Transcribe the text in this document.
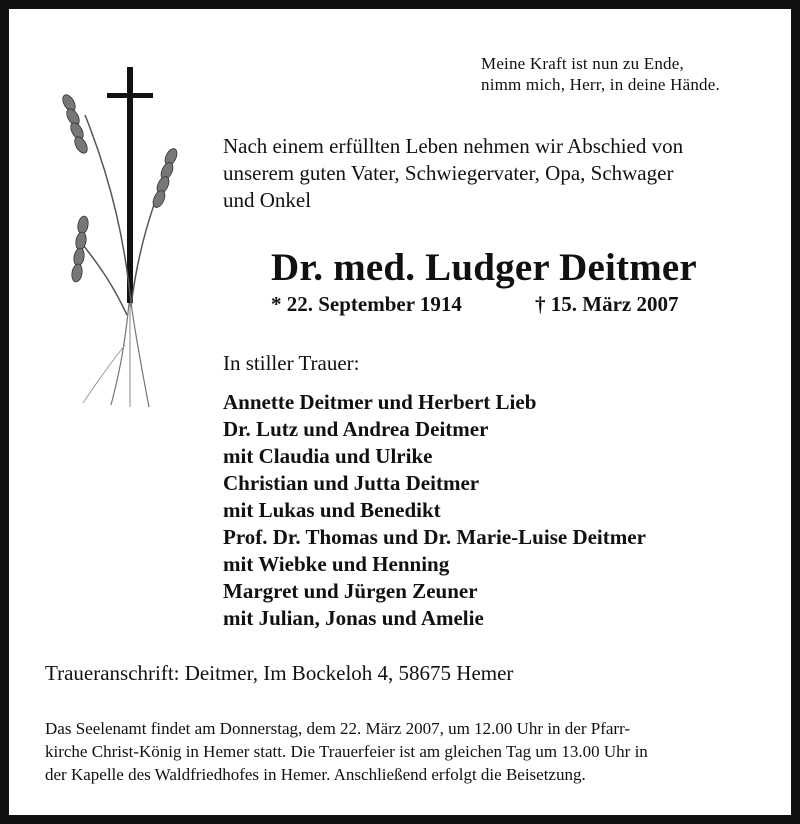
Meine Kraft ist nun zu Ende,
nimm mich, Herr, in deine Hände.
Nach einem erfüllten Leben nehmen wir Abschied von
unserem guten Vater, Schwiegervater, Opa, Schwager
und Onkel
Dr. med. Ludger Deitmer
* 22. September 1914	† 15. März 2007
In stiller Trauer:
Annette Deitmer und Herbert Lieb
Dr. Lutz und Andrea Deitmer
mit Claudia und Ulrike
Christian und Jutta Deitmer
mit Lukas und Benedikt
Prof. Dr. Thomas und Dr. Marie-Luise Deitmer
mit Wiebke und Henning
Margret und Jürgen Zeuner
mit Julian, Jonas und Amelie
Traueranschrift: Deitmer, Im Bockeloh 4, 58675 Hemer
Das Seelenamt findet am Donnerstag, dem 22. März 2007, um 12.00 Uhr in der Pfarr-
kirche Christ-König in Hemer statt. Die Trauerfeier ist am gleichen Tag um 13.00 Uhr in
der Kapelle des Waldfriedhofes in Hemer. Anschließend erfolgt die Beisetzung.
